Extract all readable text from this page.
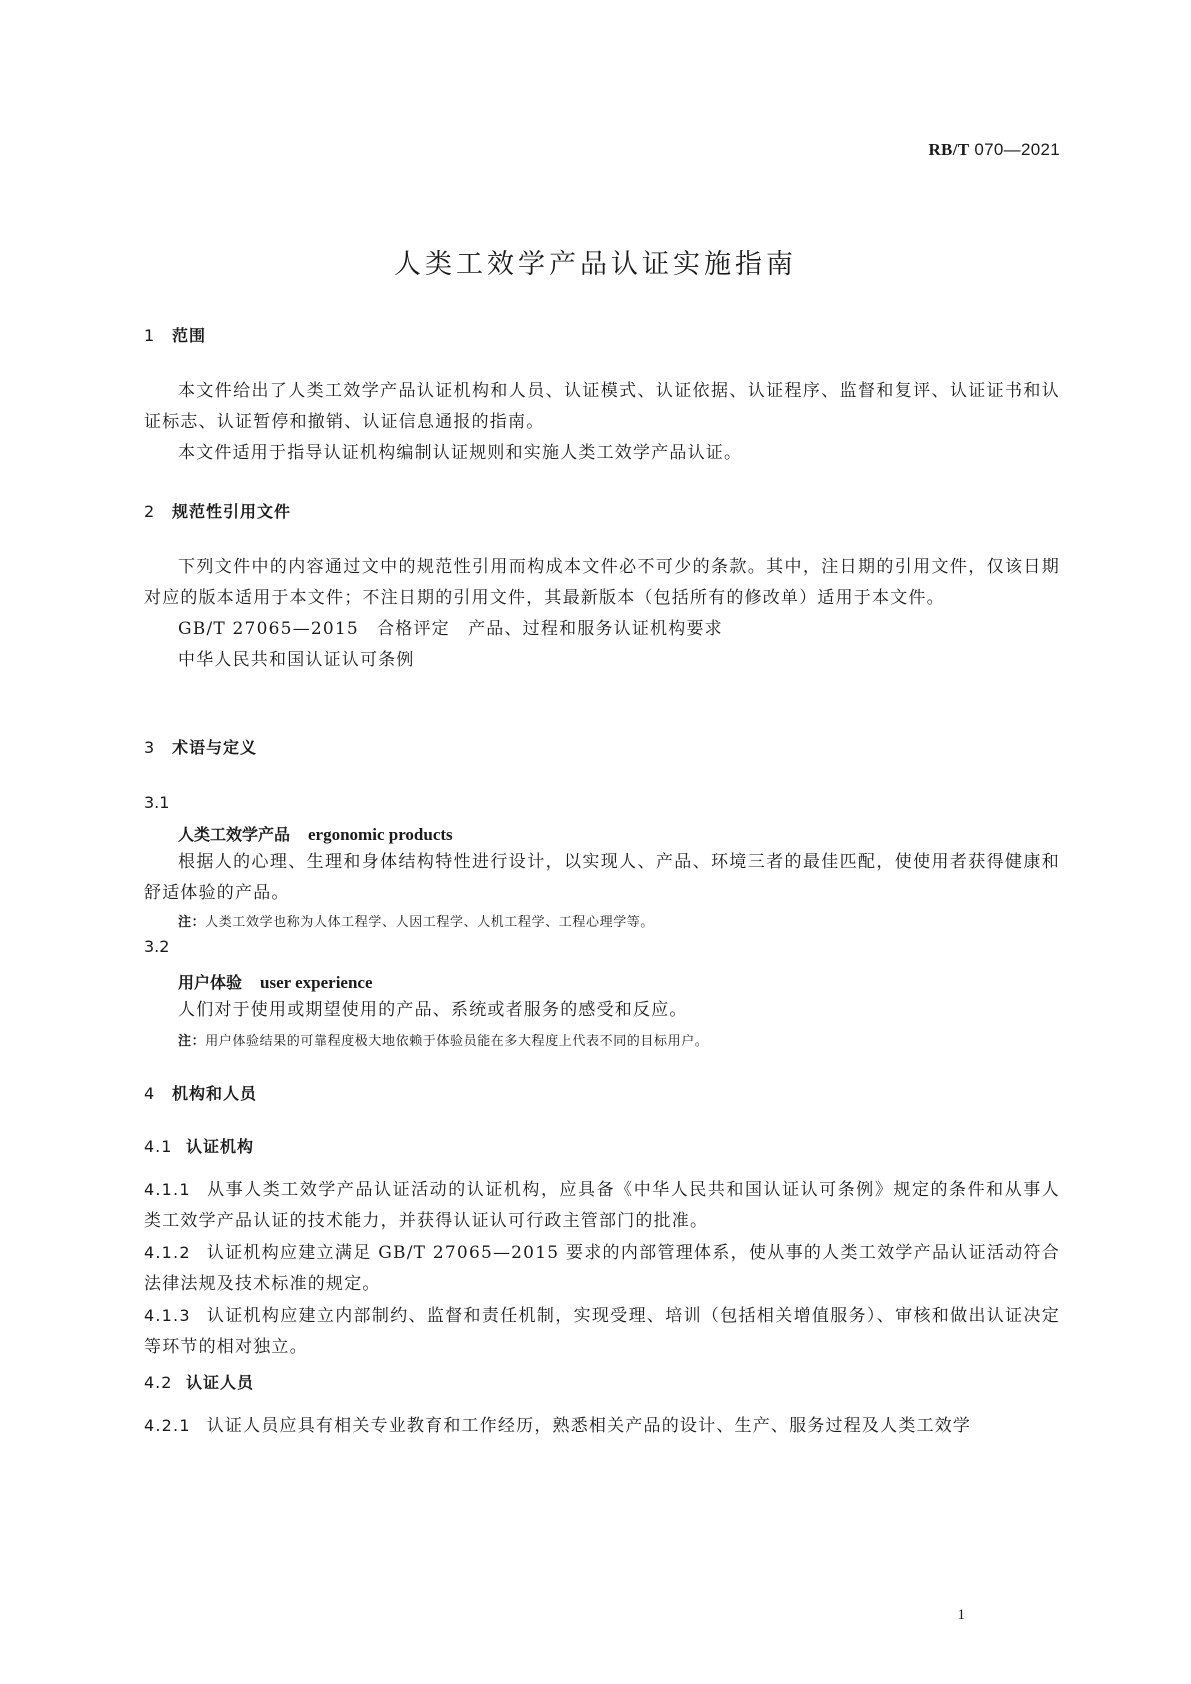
RB/T 070—2021
人类工效学产品认证实施指南
1 范围

本文件给出了人类工效学产品认证机构和人员、认证模式、认证依据、认证程序、监督和复评、认证证书和认证标志、认证暂停和撤销、认证信息通报的指南。

本文件适用于指导认证机构编制认证规则和实施人类工效学产品认证。

2 规范性引用文件

下列文件中的内容通过文中的规范性引用而构成本文件必不可少的条款。其中，注日期的引用文件，仅该日期对应的版本适用于本文件；不注日期的引用文件，其最新版本（包括所有的修改单）适用于本文件。

GB/T 27065—2015　合格评定　产品、过程和服务认证机构要求

中华人民共和国认证认可条例

3 术语与定义
3.1
人类工效学产品 ergonomic products

根据人的心理、生理和身体结构特性进行设计，以实现人、产品、环境三者的最佳匹配，使使用者获得健康和舒适体验的产品。

注：人类工效学也称为人体工程学、人因工程学、人机工程学、工程心理学等。
3.2
用户体验 user experience

人们对于使用或期望使用的产品、系统或者服务的感受和反应。

注：用户体验结果的可靠程度极大地依赖于体验员能在多大程度上代表不同的目标用户。
4 机构和人员
4.1 认证机构

4.1.1 从事人类工效学产品认证活动的认证机构，应具备《中华人民共和国认证认可条例》规定的条件和从事人类工效学产品认证的技术能力，并获得认证认可行政主管部门的批准。

4.1.2 认证机构应建立满足 GB/T 27065—2015 要求的内部管理体系，使从事的人类工效学产品认证活动符合法律法规及技术标准的规定。

4.1.3 认证机构应建立内部制约、监督和责任机制，实现受理、培训（包括相关增值服务）、审核和做出认证决定等环节的相对独立。

4.2 认证人员

4.2.1 认证人员应具有相关专业教育和工作经历，熟悉相关产品的设计、生产、服务过程及人类工效学

1
